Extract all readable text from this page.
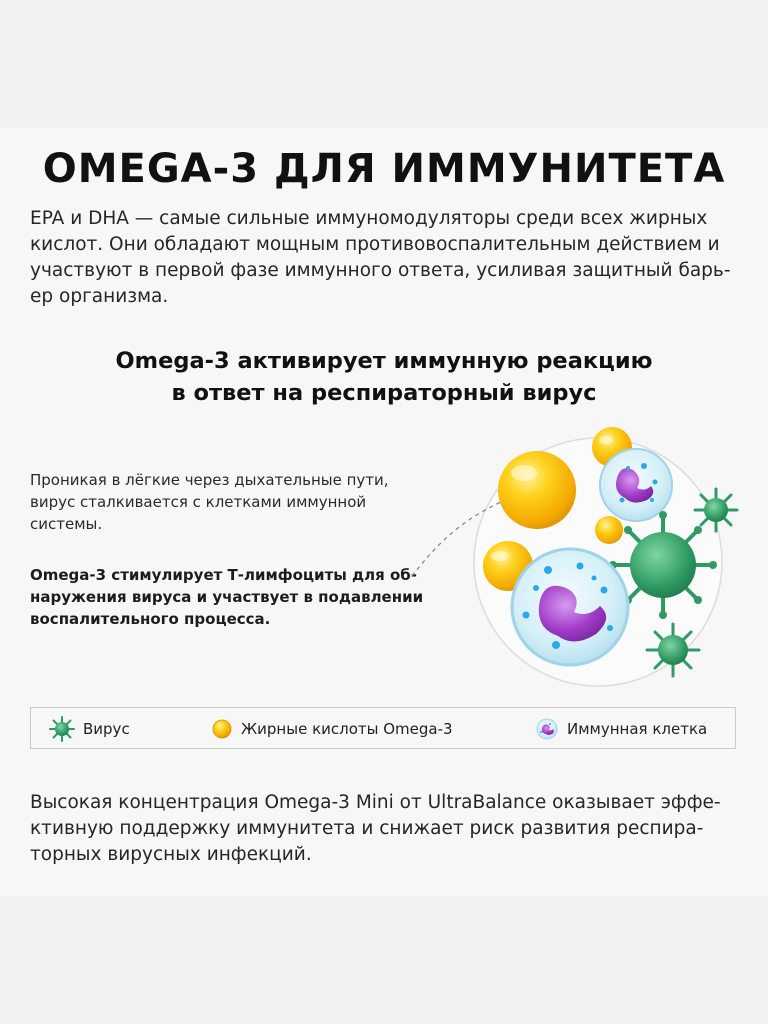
OMEGA-3 ДЛЯ ИММУНИТЕТА

EPA и DHA — самые сильные иммуномодуляторы среди всех жирных кислот. Они обладают мощным противовоспалительным действием и участвуют в первой фазе иммунного ответа, усиливая защитный барь-ер организма.

Omega-3 активирует иммунную реакцию
в ответ на респираторный вирус

Проникая в лёгкие через дыхательные пути, вирус сталкивается с клетками иммунной системы.

Omega-3 стимулирует Т-лимфоциты для об-наружения вируса и участвует в подавлении воспалительного процесса.

Вирус	Жирные кислоты Omega-3	Иммунная клетка

Высокая концентрация Omega-3 Mini от UltraBalance оказывает эффе-ктивную поддержку иммунитета и снижает риск развития респира-торных вирусных инфекций.
